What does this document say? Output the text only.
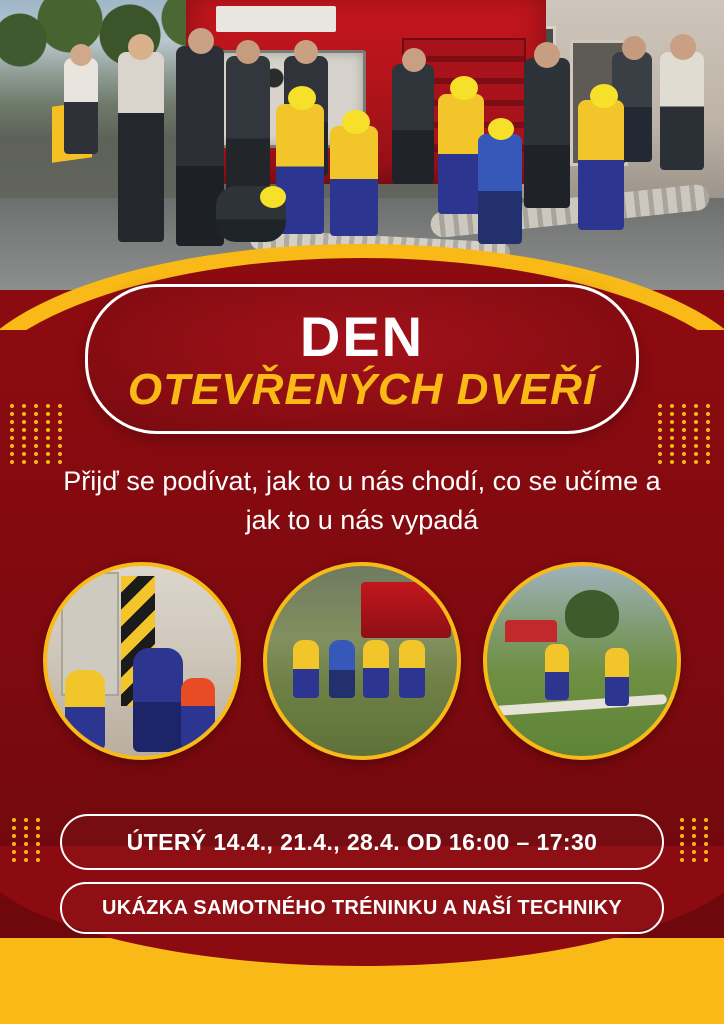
DEN
OTEVŘENÝCH DVEŘÍ
Přijď se podívat, jak to u nás chodí, co se učíme a jak to u nás vypadá
ÚTERÝ 14.4., 21.4., 28.4. OD 16:00 – 17:30
UKÁZKA SAMOTNÉHO TRÉNINKU A NAŠÍ TECHNIKY
